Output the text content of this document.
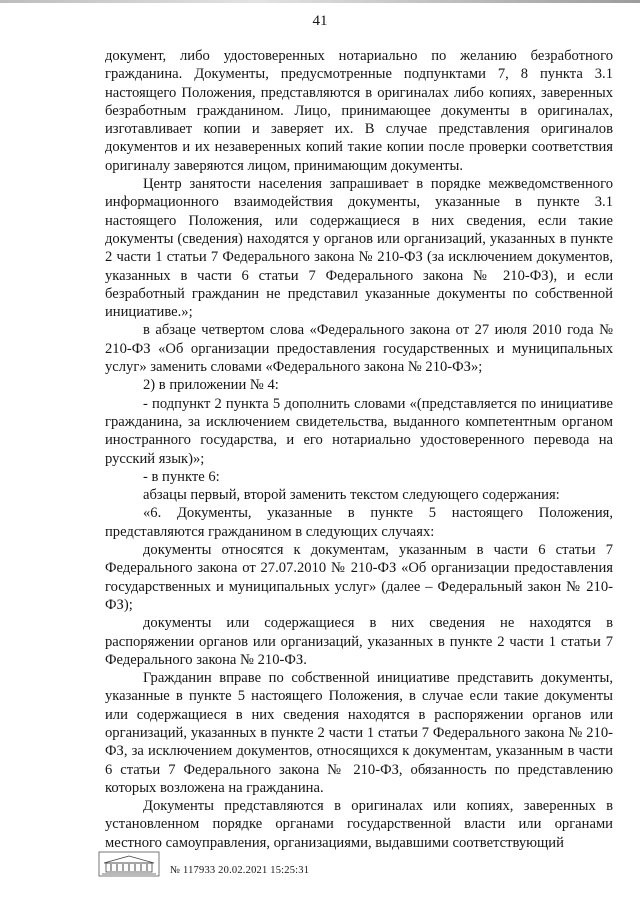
41

документ, либо удостоверенных нотариально по желанию безработного гражданина. Документы, предусмотренные подпунктами 7, 8 пункта 3.1 настоящего Положения, представляются в оригиналах либо копиях, заверенных безработным гражданином. Лицо, принимающее документы в оригиналах, изготавливает копии и заверяет их. В случае представления оригиналов документов и их незаверенных копий такие копии после проверки соответствия оригиналу заверяются лицом, принимающим документы.

Центр занятости населения запрашивает в порядке межведомственного информационного взаимодействия документы, указанные в пункте 3.1 настоящего Положения, или содержащиеся в них сведения, если такие документы (сведения) находятся у органов или организаций, указанных в пункте 2 части 1 статьи 7 Федерального закона № 210-ФЗ (за исключением документов, указанных в части 6 статьи 7 Федерального закона № 210-ФЗ), и если безработный гражданин не представил указанные документы по собственной инициативе.»;

в абзаце четвертом слова «Федерального закона от 27 июля 2010 года № 210-ФЗ «Об организации предоставления государственных и муниципальных услуг» заменить словами «Федерального закона № 210-ФЗ»;

2) в приложении № 4:

- подпункт 2 пункта 5 дополнить словами «(представляется по инициативе гражданина, за исключением свидетельства, выданного компетентным органом иностранного государства, и его нотариально удостоверенного перевода на русский язык)»;

- в пункте 6:

абзацы первый, второй заменить текстом следующего содержания:

«6. Документы, указанные в пункте 5 настоящего Положения, представляются гражданином в следующих случаях:

документы относятся к документам, указанным в части 6 статьи 7 Федерального закона от 27.07.2010 № 210-ФЗ «Об организации предоставления государственных и муниципальных услуг» (далее – Федеральный закон № 210-ФЗ);

документы или содержащиеся в них сведения не находятся в распоряжении органов или организаций, указанных в пункте 2 части 1 статьи 7 Федерального закона № 210-ФЗ.

Гражданин вправе по собственной инициативе представить документы, указанные в пункте 5 настоящего Положения, в случае если такие документы или содержащиеся в них сведения находятся в распоряжении органов или организаций, указанных в пункте 2 части 1 статьи 7 Федерального закона № 210-ФЗ, за исключением документов, относящихся к документам, указанным в части 6 статьи 7 Федерального закона № 210-ФЗ, обязанность по представлению которых возложена на гражданина.

Документы представляются в оригиналах или копиях, заверенных в установленном порядке органами государственной власти или органами местного самоуправления, организациями, выдавшими соответствующий

№ 117933 20.02.2021 15:25:31
